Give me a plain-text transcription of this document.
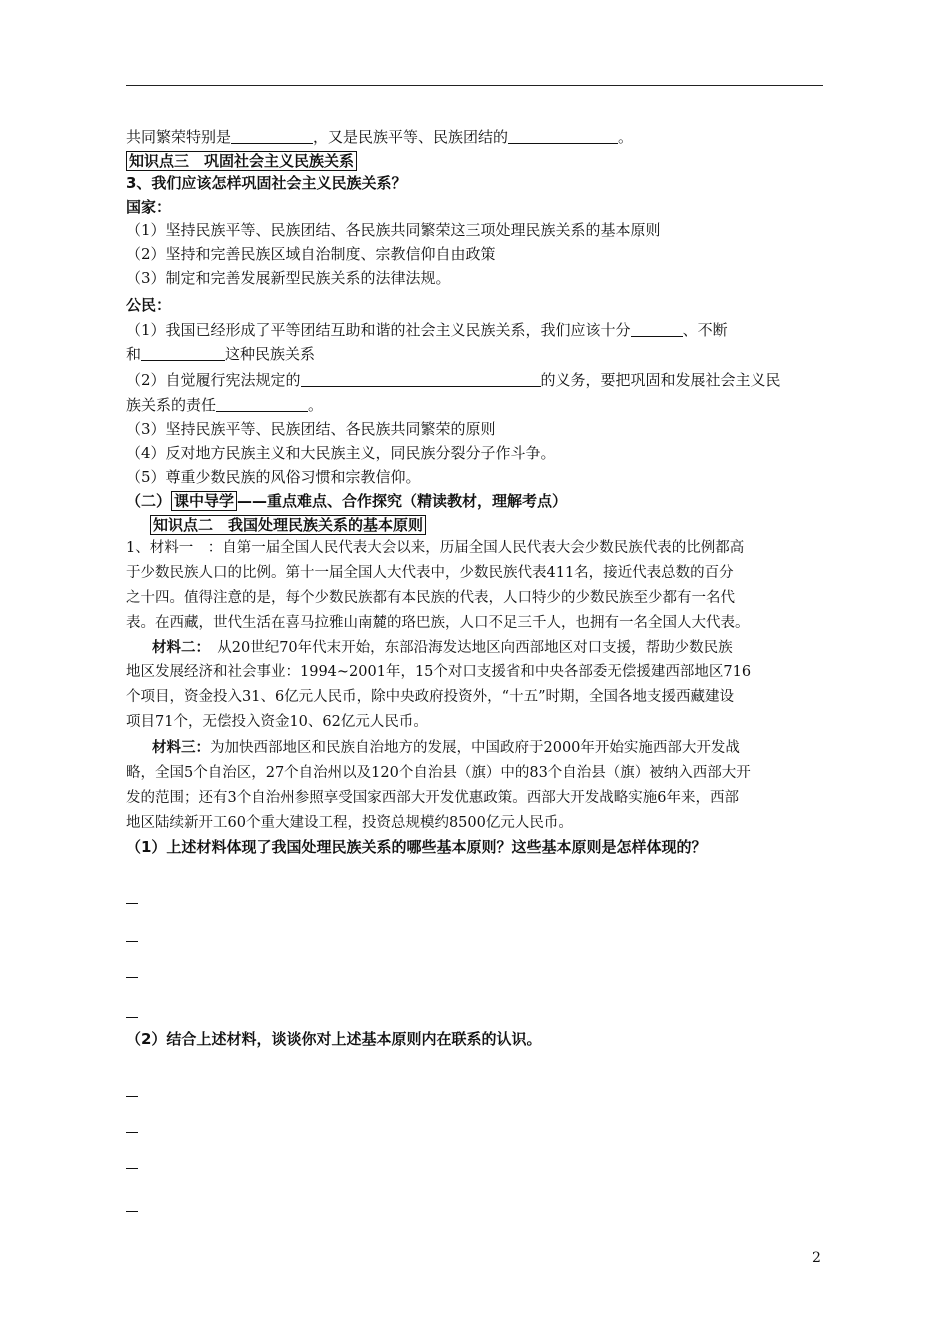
共同繁荣特别是	，又是民族平等、民族团结的	。
知识点三　巩固社会主义民族关系
3、我们应该怎样巩固社会主义民族关系？
国家：
（1）坚持民族平等、民族团结、各民族共同繁荣这三项处理民族关系的基本原则
（2）坚持和完善民族区域自治制度、宗教信仰自由政策
（3）制定和完善发展新型民族关系的法律法规。
公民：
（1）我国已经形成了平等团结互助和谐的社会主义民族关系，我们应该十分	、不断
和	这种民族关系
（2）自觉履行宪法规定的	的义务，要把巩固和发展社会主义民
族关系的责任	。
（3）坚持民族平等、民族团结、各民族共同繁荣的原则
（4）反对地方民族主义和大民族主义，同民族分裂分子作斗争。
（5）尊重少数民族的风俗习惯和宗教信仰。
（二） 课中导学 ——重点难点、合作探究（精读教材，理解考点）
知识点二　我国处理民族关系的基本原则
1、材料一　：自第一届全国人民代表大会以来，历届全国人民代表大会少数民族代表的比例都高
于少数民族人口的比例。第十一届全国人大代表中，少数民族代表411名，接近代表总数的百分
之十四。值得注意的是，每个少数民族都有本民族的代表，人口特少的少数民族至少都有一名代
表。在西藏，世代生活在喜马拉雅山南麓的珞巴族，人口不足三千人，也拥有一名全国人大代表。
材料二：　从20世纪70年代末开始，东部沿海发达地区向西部地区对口支援，帮助少数民族
地区发展经济和社会事业：1994~2001年，15个对口支援省和中央各部委无偿援建西部地区716
个项目，资金投入31、6亿元人民币，除中央政府投资外，“十五”时期，全国各地支援西藏建设
项目71个，无偿投入资金10、62亿元人民币。
材料三：为加快西部地区和民族自治地方的发展，中国政府于2000年开始实施西部大开发战
略，全国5个自治区，27个自治州以及120个自治县（旗）中的83个自治县（旗）被纳入西部大开
发的范围；还有3个自治州参照享受国家西部大开发优惠政策。西部大开发战略实施6年来，西部
地区陆续新开工60个重大建设工程，投资总规模约8500亿元人民币。
（1）上述材料体现了我国处理民族关系的哪些基本原则？这些基本原则是怎样体现的？
（2）结合上述材料，谈谈你对上述基本原则内在联系的认识。
2
